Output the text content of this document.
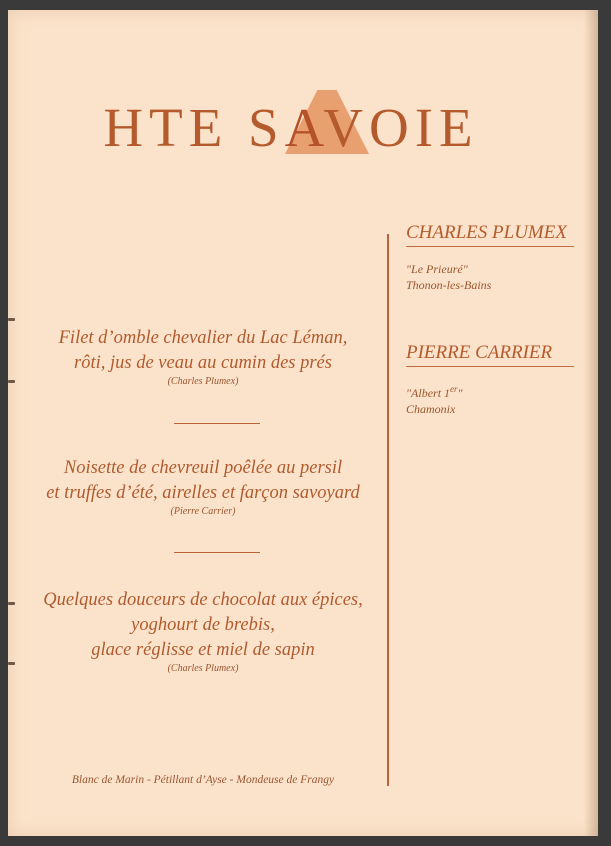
HTE SAVOIE
CHARLES PLUMEX
"Le Prieuré"
Thonon-les-Bains
PIERRE CARRIER
"Albert 1er"
Chamonix
Filet d’omble chevalier du Lac Léman,
rôti, jus de veau au cumin des prés
(Charles Plumex)
Noisette de chevreuil poêlée au persil
et truffes d’été, airelles et farçon savoyard
(Pierre Carrier)
Quelques douceurs de chocolat aux épices,
yoghourt de brebis,
glace réglisse et miel de sapin
(Charles Plumex)
Blanc de Marin - Pétillant d’Ayse - Mondeuse de Frangy
